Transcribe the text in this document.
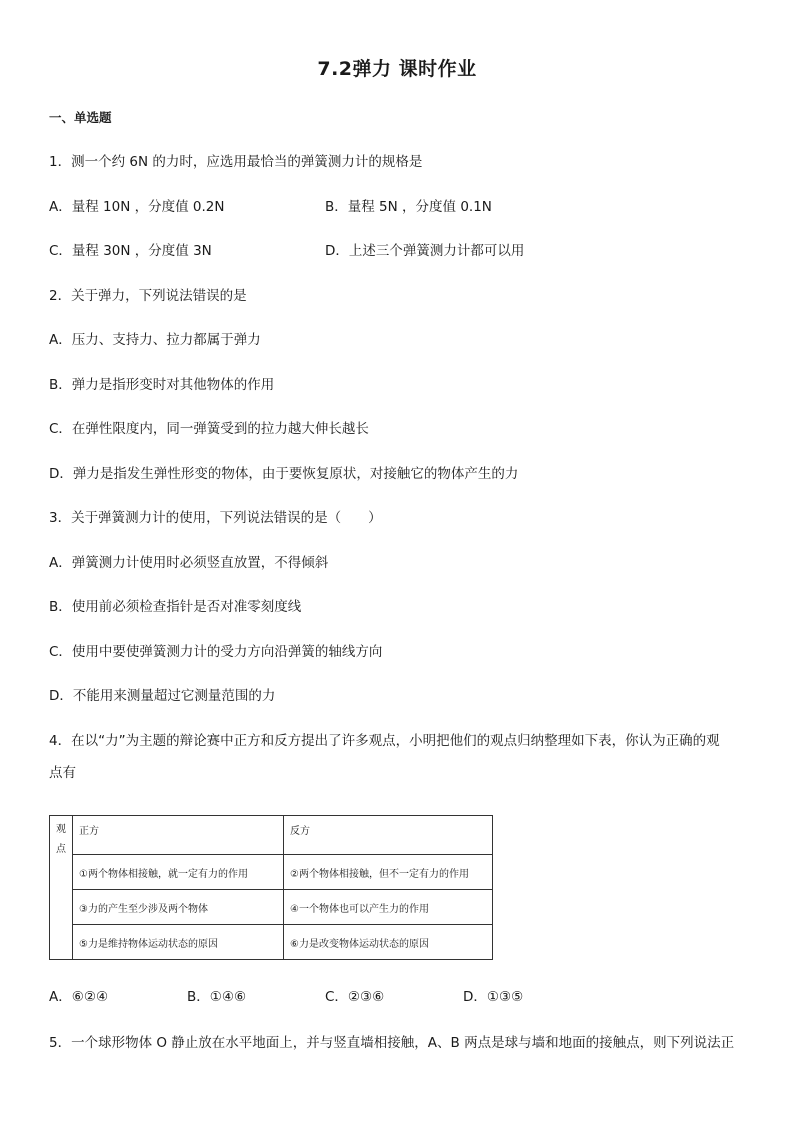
7.2弹力 课时作业
一、单选题
1．测一个约 6N 的力时，应选用最恰当的弹簧测力计的规格是
A．量程 10N ，分度值 0.2N	B．量程 5N ，分度值 0.1N
C．量程 30N ，分度值 3N	D．上述三个弹簧测力计都可以用
2．关于弹力，下列说法错误的是
A．压力、支持力、拉力都属于弹力
B．弹力是指形变时对其他物体的作用
C．在弹性限度内，同一弹簧受到的拉力越大伸长越长
D．弹力是指发生弹性形变的物体，由于要恢复原状，对接触它的物体产生的力
3．关于弹簧测力计的使用，下列说法错误的是（　　）
A．弹簧测力计使用时必须竖直放置，不得倾斜
B．使用前必须检查指针是否对准零刻度线
C．使用中要使弹簧测力计的受力方向沿弹簧的轴线方向
D．不能用来测量超过它测量范围的力
4．在以“力”为主题的辩论赛中正方和反方提出了许多观点，小明把他们的观点归纳整理如下表，你认为正确的观
点有
观点	正方	反方
	①两个物体相接触，就一定有力的作用	②两个物体相接触，但不一定有力的作用
	③力的产生至少涉及两个物体	④一个物体也可以产生力的作用
	⑤力是维持物体运动状态的原因	⑥力是改变物体运动状态的原因
A．⑥②④	B．①④⑥	C．②③⑥	D．①③⑤
5．一个球形物体 O 静止放在水平地面上，并与竖直墙相接触，A、B 两点是球与墙和地面的接触点，则下列说法正
